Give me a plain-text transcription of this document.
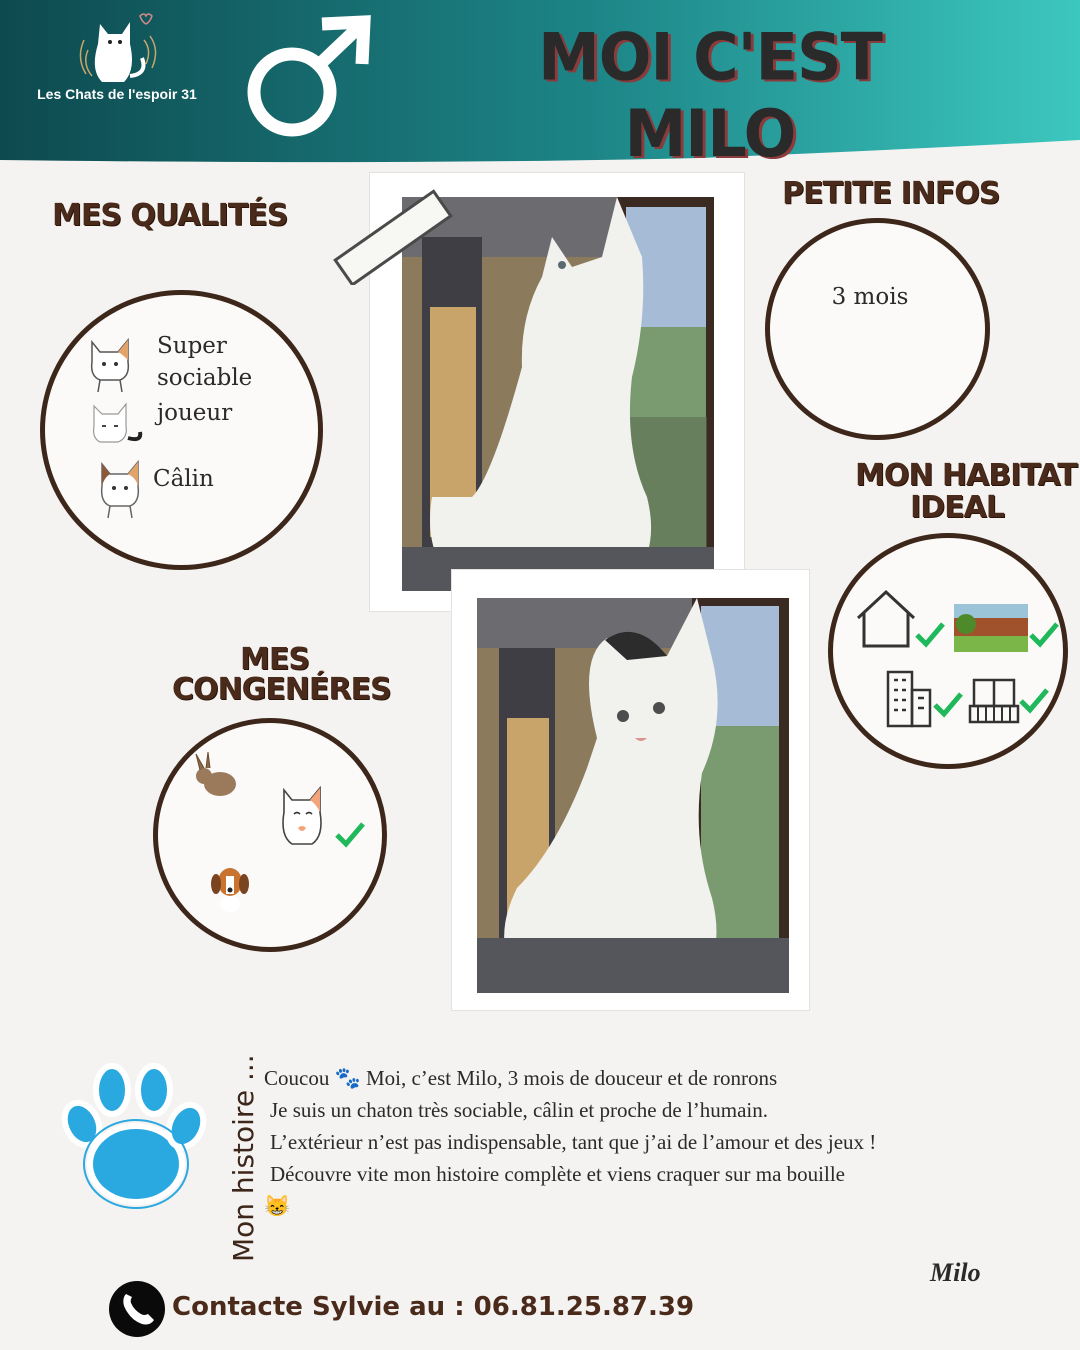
Les Chats de l'espoir 31	MOI C'EST MILO
MES QUALITÉS
Super
sociable
joueur
Câlin
PETITE INFOS
3 mois
MON HABITAT
IDEAL
MES
CONGENÉRES
Mon histoire ... Coucou 🐾 Moi, c’est Milo, 3 mois de douceur et de ronrons
Je suis un chaton très sociable, câlin et proche de l’humain.
L’extérieur n’est pas indispensable, tant que j’ai de l’amour et des jeux !
Découvre vite mon histoire complète et viens craquer sur ma bouille
😸
Milo
Contacte Sylvie au : 06.81.25.87.39
